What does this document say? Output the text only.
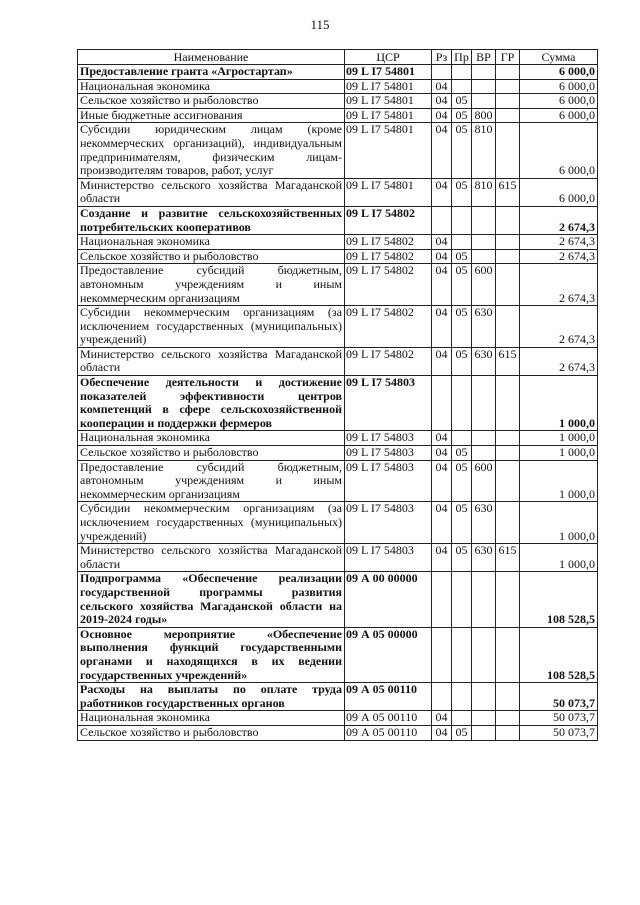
115
Наименование	ЦСР	Рз	Пр	ВР	ГР	Сумма
Предоставление гранта «Агростартап»	09 L I7 54801					6 000,0
Национальная экономика	09 L I7 54801	04				6 000,0
Сельское хозяйство и рыболовство	09 L I7 54801	04	05			6 000,0
Иные бюджетные ассигнования	09 L I7 54801	04	05	800		6 000,0
Субсидии юридическим лицам (кроме некоммерческих организаций), индивидуальным предпринимателям, физическим лицам-производителям товаров, работ, услуг	09 L I7 54801	04	05	810		6 000,0
Министерство сельского хозяйства Магаданской области	09 L I7 54801	04	05	810	615	6 000,0
Создание и развитие сельскохозяйственных потребительских кооперативов	09 L I7 54802					2 674,3
Национальная экономика	09 L I7 54802	04				2 674,3
Сельское хозяйство и рыболовство	09 L I7 54802	04	05			2 674,3
Предоставление субсидий бюджетным, автономным учреждениям и иным некоммерческим организациям	09 L I7 54802	04	05	600		2 674,3
Субсидии некоммерческим организациям (за исключением государственных (муниципальных) учреждений)	09 L I7 54802	04	05	630		2 674,3
Министерство сельского хозяйства Магаданской области	09 L I7 54802	04	05	630	615	2 674,3
Обеспечение деятельности и достижение показателей эффективности центров компетенций в сфере сельскохозяйственной кооперации и поддержки фермеров	09 L I7 54803					1 000,0
Национальная экономика	09 L I7 54803	04				1 000,0
Сельское хозяйство и рыболовство	09 L I7 54803	04	05			1 000,0
Предоставление субсидий бюджетным, автономным учреждениям и иным некоммерческим организациям	09 L I7 54803	04	05	600		1 000,0
Субсидии некоммерческим организациям (за исключением государственных (муниципальных) учреждений)	09 L I7 54803	04	05	630		1 000,0
Министерство сельского хозяйства Магаданской области	09 L I7 54803	04	05	630	615	1 000,0
Подпрограмма «Обеспечение реализации государственной программы развития сельского хозяйства Магаданской области на 2019-2024 годы»	09 А 00 00000					108 528,5
Основное мероприятие «Обеспечение выполнения функций государственными органами и находящихся в их ведении государственных учреждений»	09 А 05 00000					108 528,5
Расходы на выплаты по оплате труда работников государственных органов	09 А 05 00110					50 073,7
Национальная экономика	09 А 05 00110	04				50 073,7
Сельское хозяйство и рыболовство	09 А 05 00110	04	05			50 073,7
